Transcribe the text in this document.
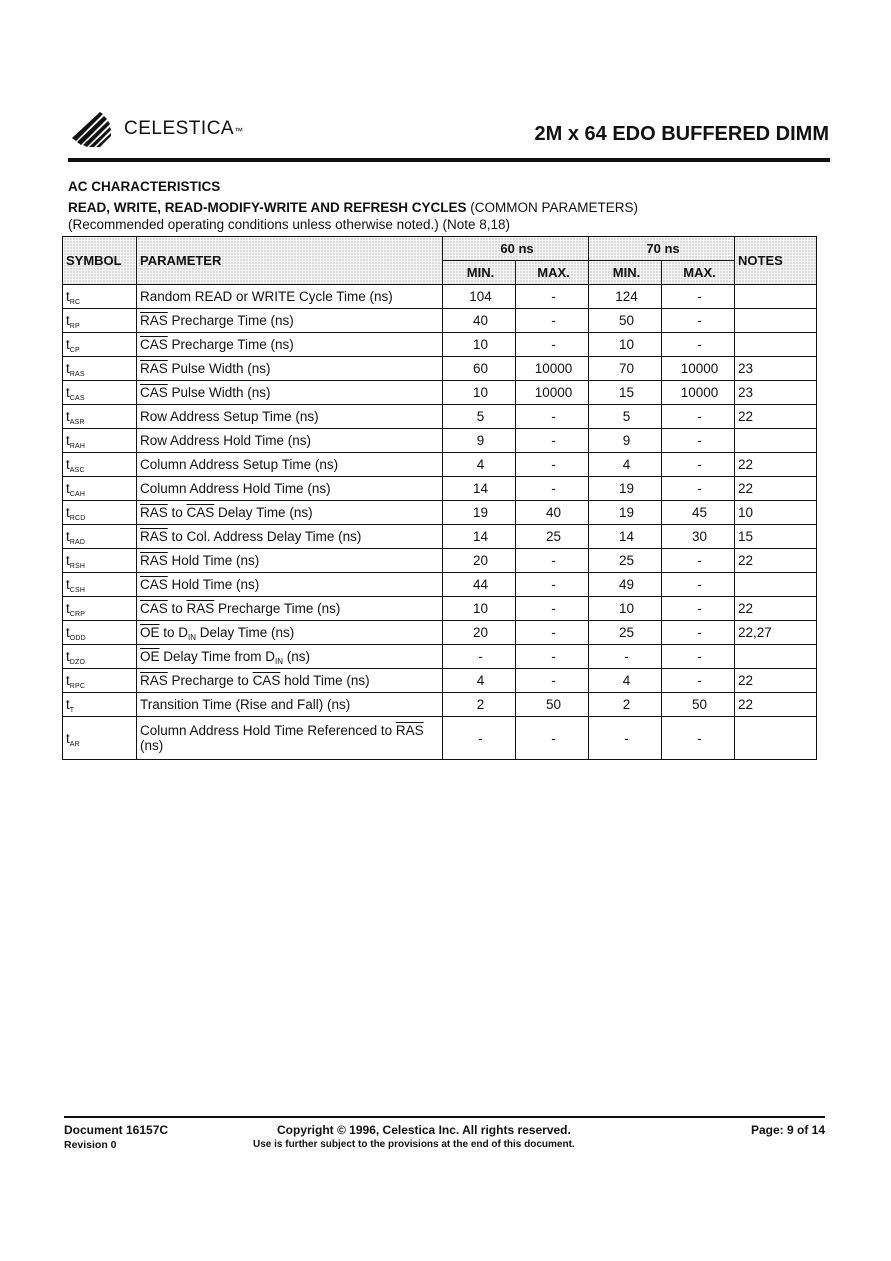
CELESTICA™	2M x 64 EDO BUFFERED DIMM
AC CHARACTERISTICS
READ, WRITE, READ-MODIFY-WRITE AND REFRESH CYCLES (COMMON PARAMETERS)
(Recommended operating conditions unless otherwise noted.) (Note 8,18)
SYMBOL	PARAMETER	60 ns		70 ns		NOTES
		MIN.	MAX.	MIN.	MAX.	
$t_{RC}$	Random READ or WRITE Cycle Time (ns)	104	-	124	-	
$t_{RP}$	$\overline{RAS}$ Precharge Time (ns)	40	-	50	-	
$t_{CP}$	$\overline{CAS}$ Precharge Time (ns)	10	-	10	-	
$t_{RAS}$	$\overline{RAS}$ Pulse Width (ns)	60	10000	70	10000	23
$t_{CAS}$	$\overline{CAS}$ Pulse Width (ns)	10	10000	15	10000	23
$t_{ASR}$	Row Address Setup Time (ns)	5	-	5	-	22
$t_{RAH}$	Row Address Hold Time (ns)	9	-	9	-	
$t_{ASC}$	Column Address Setup Time (ns)	4	-	4	-	22
$t_{CAH}$	Column Address Hold Time (ns)	14	-	19	-	22
$t_{RCD}$	$\overline{RAS}$ to $\overline{CAS}$ Delay Time (ns)	19	40	19	45	10
$t_{RAD}$	$\overline{RAS}$ to Col. Address Delay Time (ns)	14	25	14	30	15
$t_{RSH}$	$\overline{RAS}$ Hold Time (ns)	20	-	25	-	22
$t_{CSH}$	$\overline{CAS}$ Hold Time (ns)	44	-	49	-	
$t_{CRP}$	$\overline{CAS}$ to $\overline{RAS}$ Precharge Time (ns)	10	-	10	-	22
$t_{ODD}$	$\overline{OE}$ to $D_{IN}$ Delay Time (ns)	20	-	25	-	22,27
$t_{DZO}$	$\overline{OE}$ Delay Time from $D_{IN}$ (ns)	-	-	-	-	
$t_{RPC}$	$\overline{RAS}$ Precharge to $\overline{CAS}$ hold Time (ns)	4	-	4	-	22
$t_T$	Transition Time (Rise and Fall) (ns)	2	50	2	50	22
$t_{AR}$	Column Address Hold Time Referenced to $\overline{RAS}$ (ns)	-	-	-	-	
Document 16157C
Revision 0
Copyright © 1996, Celestica Inc. All rights reserved.
Use is further subject to the provisions at the end of this document.
Page: 9 of 14
